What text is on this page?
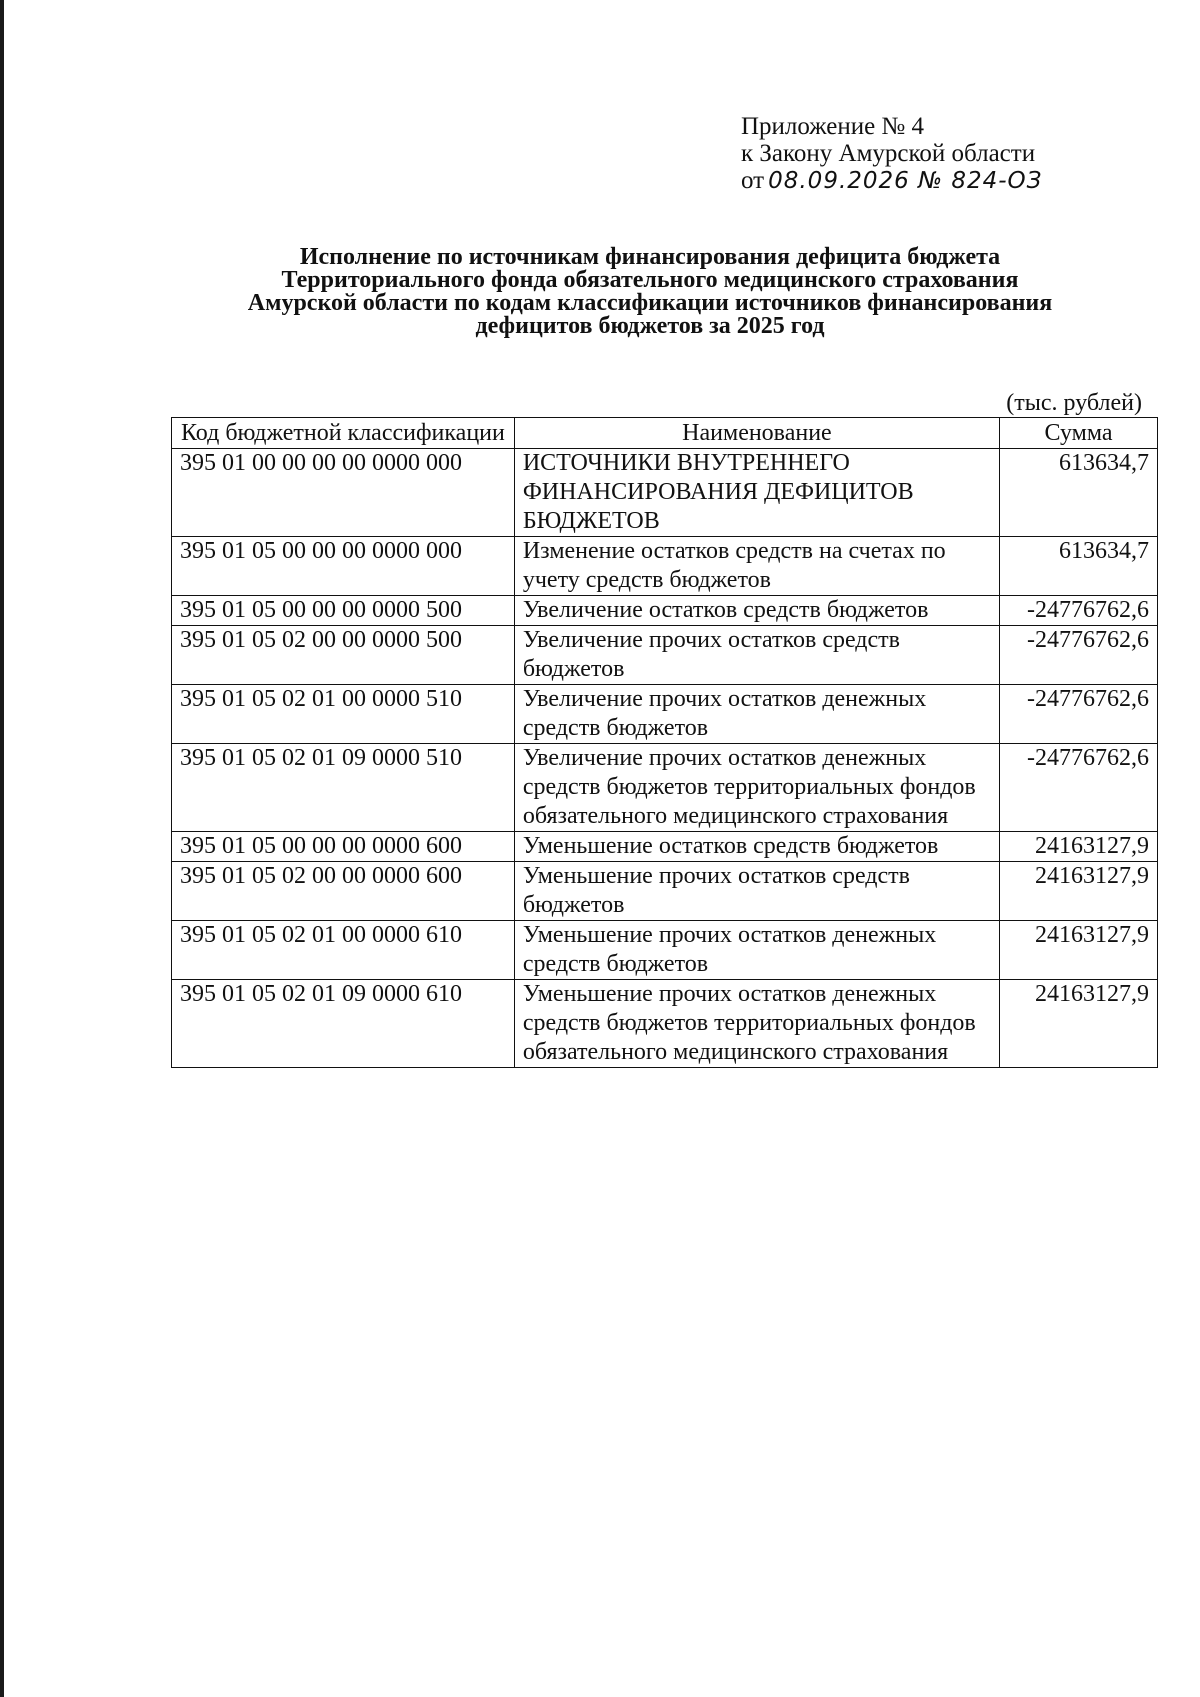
Приложение № 4
к Закону Амурской области
от 08.09.2026 № 824-ОЗ
Исполнение по источникам финансирования дефицита бюджета
Территориального фонда обязательного медицинского страхования
Амурской области по кодам классификации источников финансирования
дефицитов бюджетов за 2025 год
(тыс. рублей)
Код бюджетной классификации	Наименование	Сумма
395 01 00 00 00 00 0000 000	ИСТОЧНИКИ ВНУТРЕННЕГО ФИНАНСИРОВАНИЯ ДЕФИЦИТОВ БЮДЖЕТОВ	613634,7
395 01 05 00 00 00 0000 000	Изменение остатков средств на счетах по учету средств бюджетов	613634,7
395 01 05 00 00 00 0000 500	Увеличение остатков средств бюджетов	-24776762,6
395 01 05 02 00 00 0000 500	Увеличение прочих остатков средств бюджетов	-24776762,6
395 01 05 02 01 00 0000 510	Увеличение прочих остатков денежных средств бюджетов	-24776762,6
395 01 05 02 01 09 0000 510	Увеличение прочих остатков денежных средств бюджетов территориальных фондов обязательного медицинского страхования	-24776762,6
395 01 05 00 00 00 0000 600	Уменьшение остатков средств бюджетов	24163127,9
395 01 05 02 00 00 0000 600	Уменьшение прочих остатков средств бюджетов	24163127,9
395 01 05 02 01 00 0000 610	Уменьшение прочих остатков денежных средств бюджетов	24163127,9
395 01 05 02 01 09 0000 610	Уменьшение прочих остатков денежных средств бюджетов территориальных фондов обязательного медицинского страхования	24163127,9
